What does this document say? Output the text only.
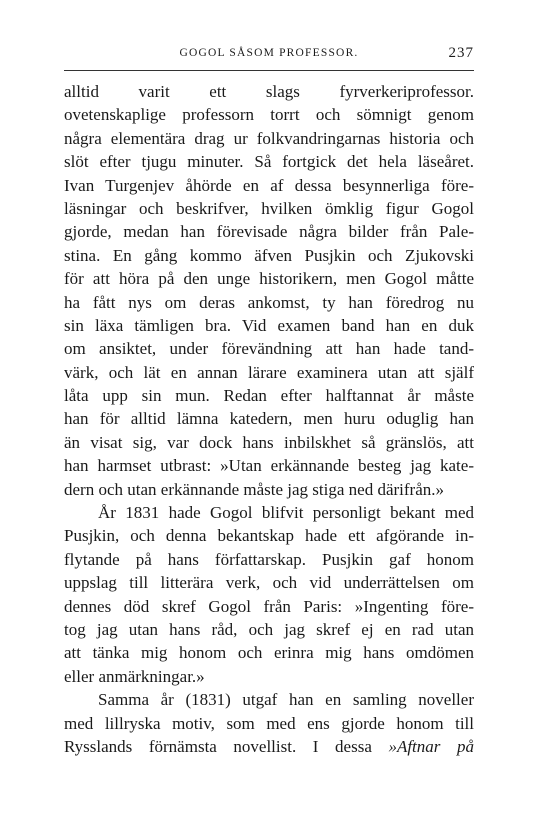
GOGOL SÅSOM PROFESSOR.	237
alltid varit ett slags fyrverkeriprofessor.
ovetenskaplige professorn torrt och sömnigt genom
några elementära drag ur folkvandringarnas historia och
slöt efter tjugu minuter. Så fortgick det hela läseåret.
Ivan Turgenjev åhörde en af dessa besynnerliga före-
läsningar och beskrifver, hvilken ömklig figur Gogol
gjorde, medan han förevisade några bilder från Pale-
stina. En gång kommo äfven Pusjkin och Zjukovski
för att höra på den unge historikern, men Gogol måtte
ha fått nys om deras ankomst, ty han föredrog nu
sin läxa tämligen bra. Vid examen band han en duk
om ansiktet, under förevändning att han hade tand-
värk, och lät en annan lärare examinera utan att själf
låta upp sin mun. Redan efter halftannat år måste
han för alltid lämna katedern, men huru oduglig han
än visat sig, var dock hans inbilskhet så gränslös, att
han harmset utbrast: »Utan erkännande besteg jag kate-
dern och utan erkännande måste jag stiga ned därifrån.»
År 1831 hade Gogol blifvit personligt bekant med
Pusjkin, och denna bekantskap hade ett afgörande in-
flytande på hans författarskap. Pusjkin gaf honom
uppslag till litterära verk, och vid underrättelsen om
dennes död skref Gogol från Paris: »Ingenting före-
tog jag utan hans råd, och jag skref ej en rad utan
att tänka mig honom och erinra mig hans omdömen
eller anmärkningar.»
Samma år (1831) utgaf han en samling noveller
med lillryska motiv, som med ens gjorde honom till
Rysslands förnämsta novellist. I dessa »Aftnar på
